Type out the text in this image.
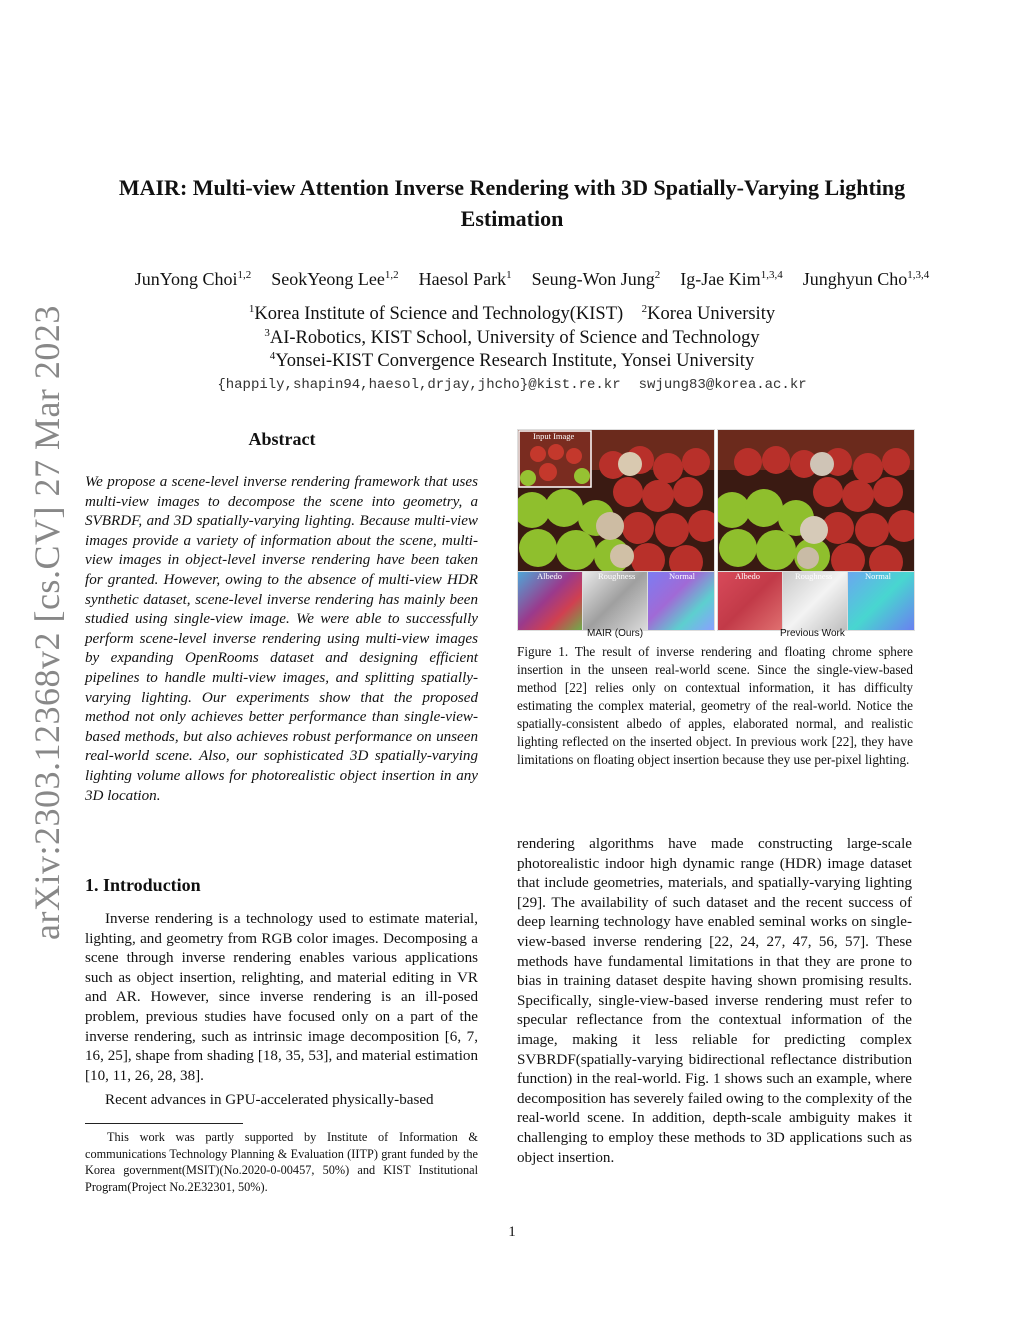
arXiv:2303.12368v2 [cs.CV] 27 Mar 2023
MAIR: Multi-view Attention Inverse Rendering with 3D Spatially-Varying Lighting Estimation
JunYong Choi$^{1,2}$ SeokYeong Lee$^{1,2}$ Haesol Park$^1$ Seung-Won Jung$^2$ Ig-Jae Kim$^{1,3,4}$ Junghyun Cho$^{1,3,4}$
$^1$Korea Institute of Science and Technology(KIST) $^2$Korea University
$^3$AI-Robotics, KIST School, University of Science and Technology
$^4$Yonsei-KIST Convergence Research Institute, Yonsei University
{happily,shapin94,haesol,drjay,jhcho}@kist.re.kr swjung83@korea.ac.kr
Abstract
We propose a scene-level inverse rendering framework that uses multi-view images to decompose the scene into geometry, a SVBRDF, and 3D spatially-varying lighting. Because multi-view images provide a variety of information about the scene, multi-view images in object-level inverse rendering have been taken for granted. However, owing to the absence of multi-view HDR synthetic dataset, scene-level inverse rendering has mainly been studied using single-view image. We were able to successfully perform scene-level inverse rendering using multi-view images by expanding OpenRooms dataset and designing efficient pipelines to handle multi-view images, and splitting spatially-varying lighting. Our experiments show that the proposed method not only achieves better performance than single-view-based methods, but also achieves robust performance on unseen real-world scene. Also, our sophisticated 3D spatially-varying lighting volume allows for photorealistic object insertion in any 3D location.
1. Introduction
Inverse rendering is a technology used to estimate material, lighting, and geometry from RGB color images. Decomposing a scene through inverse rendering enables various applications such as object insertion, relighting, and material editing in VR and AR. However, since inverse rendering is an ill-posed problem, previous studies have focused only on a part of the inverse rendering, such as intrinsic image decomposition [6, 7, 16, 25], shape from shading [18, 35, 53], and material estimation [10, 11, 26, 28, 38].
Recent advances in GPU-accelerated physically-based
This work was partly supported by Institute of Information & communications Technology Planning & Evaluation (IITP) grant funded by the Korea government(MSIT)(No.2020-0-00457, 50%) and KIST Institutional Program(Project No.2E32301, 50%).
Input Image
Albedo	Roughness	Normal	Albedo	Roughness	Normal
MAIR (Ours)	Previous Work
Figure 1. The result of inverse rendering and floating chrome sphere insertion in the unseen real-world scene. Since the single-view-based method [22] relies only on contextual information, it has difficulty estimating the complex material, geometry of the real-world. Notice the spatially-consistent albedo of apples, elaborated normal, and realistic lighting reflected on the inserted object. In previous work [22], they have limitations on floating object insertion because they use per-pixel lighting.
rendering algorithms have made constructing large-scale photorealistic indoor high dynamic range (HDR) image dataset that include geometries, materials, and spatially-varying lighting [29]. The availability of such dataset and the recent success of deep learning technology have enabled seminal works on single-view-based inverse rendering [22, 24, 27, 47, 56, 57]. These methods have fundamental limitations in that they are prone to bias in training dataset despite having shown promising results. Specifically, single-view-based inverse rendering must refer to specular reflectance from the contextual information of the image, making it less reliable for predicting complex SVBRDF(spatially-varying bidirectional reflectance distribution function) in the real-world. Fig. 1 shows such an example, where decomposition has severely failed owing to the complexity of the real-world scene. In addition, depth-scale ambiguity makes it challenging to employ these methods to 3D applications such as object insertion.
1
